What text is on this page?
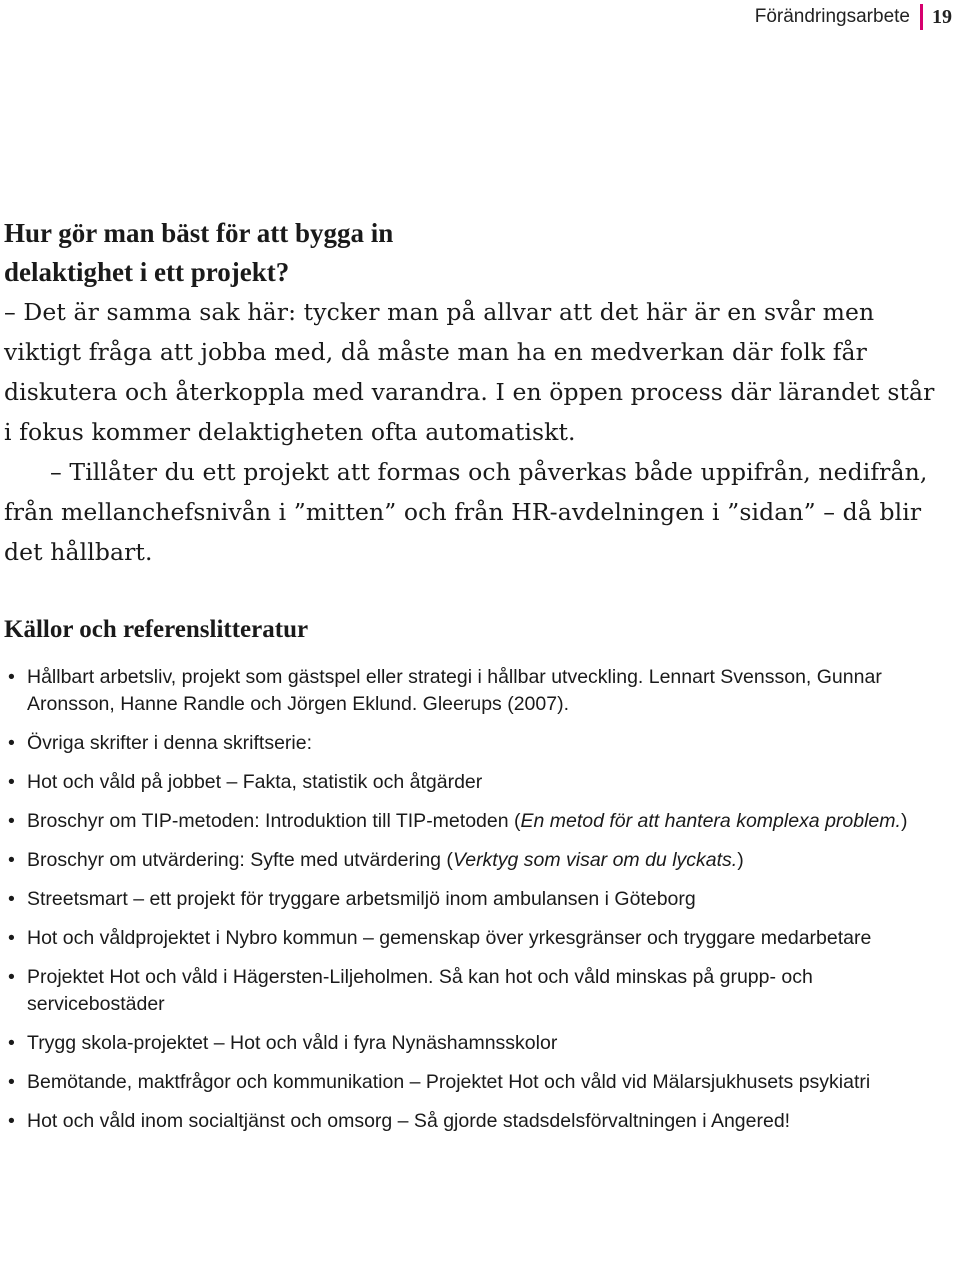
Förändringsarbete 19
Hur gör man bäst för att bygga in delaktighet i ett projekt?

– Det är samma sak här: tycker man på allvar att det här är en svår men viktigt fråga att jobba med, då måste man ha en medverkan där folk får diskutera och återkoppla med varandra. I en öppen process där lärandet står i fokus kommer delaktigheten ofta automatiskt.

– Tillåter du ett projekt att formas och påverkas både uppifrån, nedifrån, från mellanchefsnivån i ”mitten” och från HR-avdelningen i ”sidan” – då blir det hållbart.

Källor och referenslitteratur
• Hållbart arbetsliv, projekt som gästspel eller strategi i hållbar utveckling. Lennart Svensson, Gunnar Aronsson, Hanne Randle och Jörgen Eklund. Gleerups (2007).
• Övriga skrifter i denna skriftserie:
• Hot och våld på jobbet – Fakta, statistik och åtgärder
• Broschyr om TIP-metoden: Introduktion till TIP-metoden (En metod för att hantera komplexa problem.)
• Broschyr om utvärdering: Syfte med utvärdering (Verktyg som visar om du lyckats.)
• Streetsmart – ett projekt för tryggare arbetsmiljö inom ambulansen i Göteborg
• Hot och våldprojektet i Nybro kommun – gemenskap över yrkesgränser och tryggare medarbetare
• Projektet Hot och våld i Hägersten-Liljeholmen. Så kan hot och våld minskas på grupp- och servicebostäder
• Trygg skola-projektet – Hot och våld i fyra Nynäshamnsskolor
• Bemötande, maktfrågor och kommunikation – Projektet Hot och våld vid Mälarsjukhusets psykiatri
• Hot och våld inom socialtjänst och omsorg – Så gjorde stadsdelsförvaltningen i Angered!
